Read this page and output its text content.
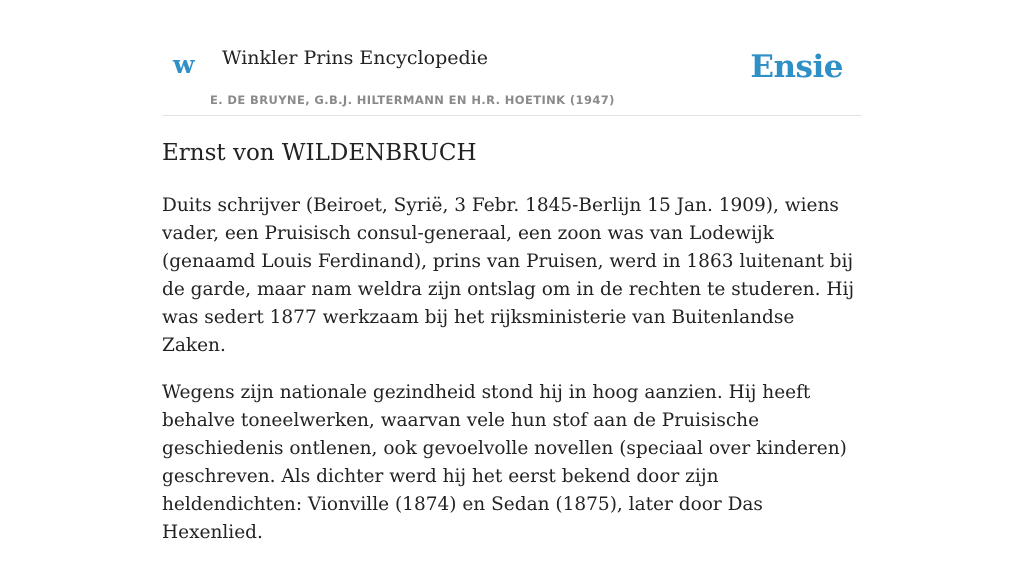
w Winkler Prins Encyclopedie
E. DE BRUYNE, G.B.J. HILTERMANN EN H.R. HOETINK (1947)
Ensie
Ernst von WILDENBRUCH

Duits schrijver (Beiroet, Syrië, 3 Febr. 1845-Berlijn 15 Jan. 1909), wiens vader, een Pruisisch consul-generaal, een zoon was van Lodewijk (genaamd Louis Ferdinand), prins van Pruisen, werd in 1863 luitenant bij de garde, maar nam weldra zijn ontslag om in de rechten te studeren. Hij was sedert 1877 werkzaam bij het rijksministerie van Buitenlandse Zaken.

Wegens zijn nationale gezindheid stond hij in hoog aanzien. Hij heeft behalve toneelwerken, waarvan vele hun stof aan de Pruisische geschiedenis ontlenen, ook gevoelvolle novellen (speciaal over kinderen) geschreven. Als dichter werd hij het eerst bekend door zijn heldendichten: Vionville (1874) en Sedan (1875), later door Das Hexenlied.
